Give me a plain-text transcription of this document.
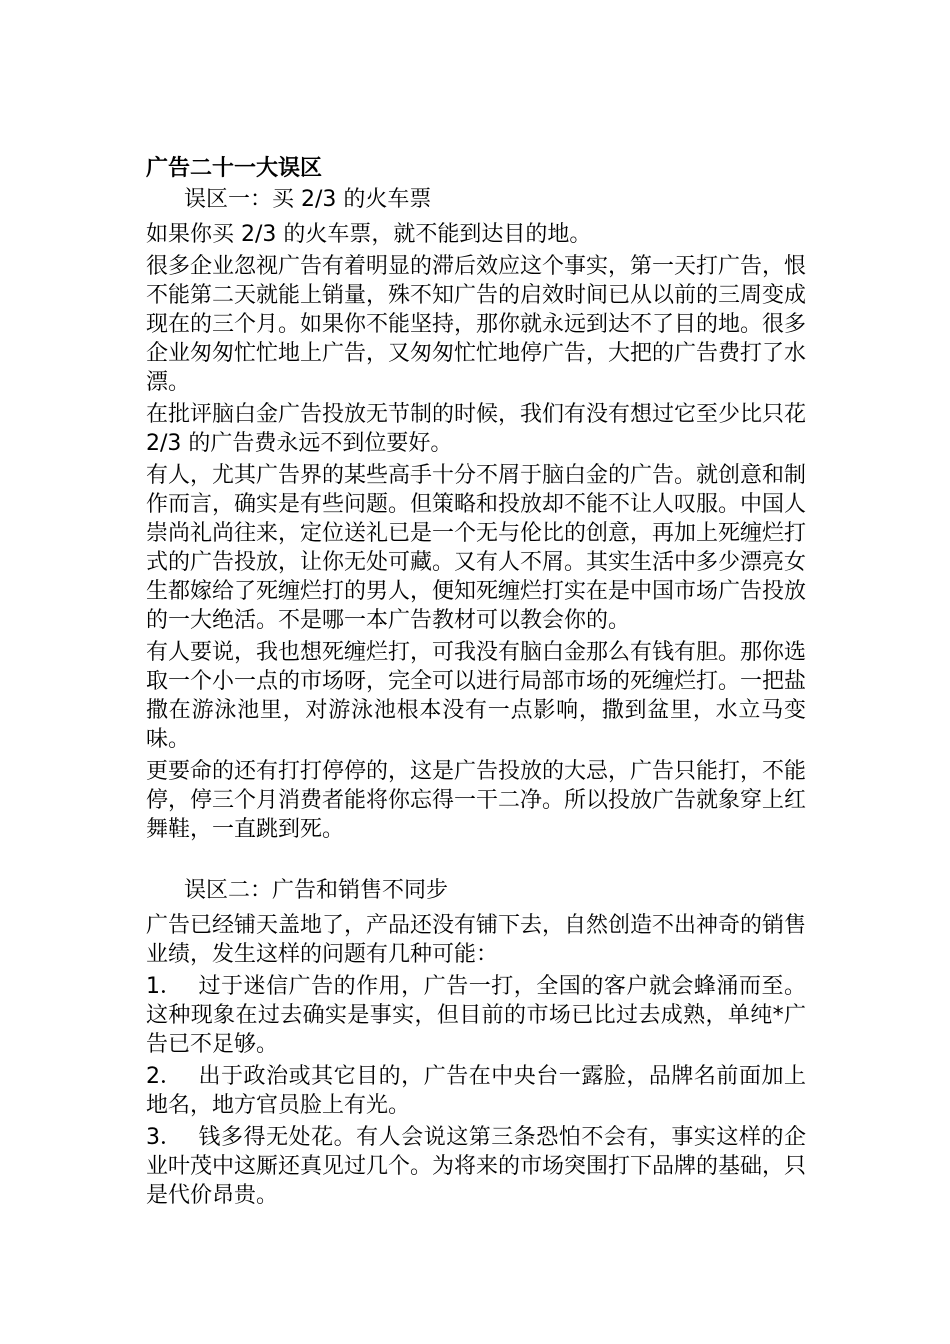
广告二十一大误区
误区一：买 2/3 的火车票

如果你买 2/3 的火车票，就不能到达目的地。

很多企业忽视广告有着明显的滞后效应这个事实，第一天打广告，恨不能第二天就能上销量，殊不知广告的启效时间已从以前的三周变成现在的三个月。如果你不能坚持，那你就永远到达不了目的地。很多企业匆匆忙忙地上广告，又匆匆忙忙地停广告，大把的广告费打了水漂。

在批评脑白金广告投放无节制的时候，我们有没有想过它至少比只花 2/3 的广告费永远不到位要好。

有人，尤其广告界的某些高手十分不屑于脑白金的广告。就创意和制作而言，确实是有些问题。但策略和投放却不能不让人叹服。中国人崇尚礼尚往来，定位送礼已是一个无与伦比的创意，再加上死缠烂打式的广告投放，让你无处可藏。又有人不屑。其实生活中多少漂亮女生都嫁给了死缠烂打的男人，便知死缠烂打实在是中国市场广告投放的一大绝活。不是哪一本广告教材可以教会你的。

有人要说，我也想死缠烂打，可我没有脑白金那么有钱有胆。那你选取一个小一点的市场呀，完全可以进行局部市场的死缠烂打。一把盐撒在游泳池里，对游泳池根本没有一点影响，撒到盆里，水立马变味。

更要命的还有打打停停的，这是广告投放的大忌，广告只能打，不能停，停三个月消费者能将你忘得一干二净。所以投放广告就象穿上红舞鞋，一直跳到死。

误区二：广告和销售不同步

广告已经铺天盖地了，产品还没有铺下去，自然创造不出神奇的销售业绩，发生这样的问题有几种可能：

1． 过于迷信广告的作用，广告一打，全国的客户就会蜂涌而至。这种现象在过去确实是事实，但目前的市场已比过去成熟，单纯*广告已不足够。

2． 出于政治或其它目的，广告在中央台一露脸，品牌名前面加上地名，地方官员脸上有光。

3． 钱多得无处花。有人会说这第三条恐怕不会有，事实这样的企业叶茂中这厮还真见过几个。为将来的市场突围打下品牌的基础，只是代价昂贵。
